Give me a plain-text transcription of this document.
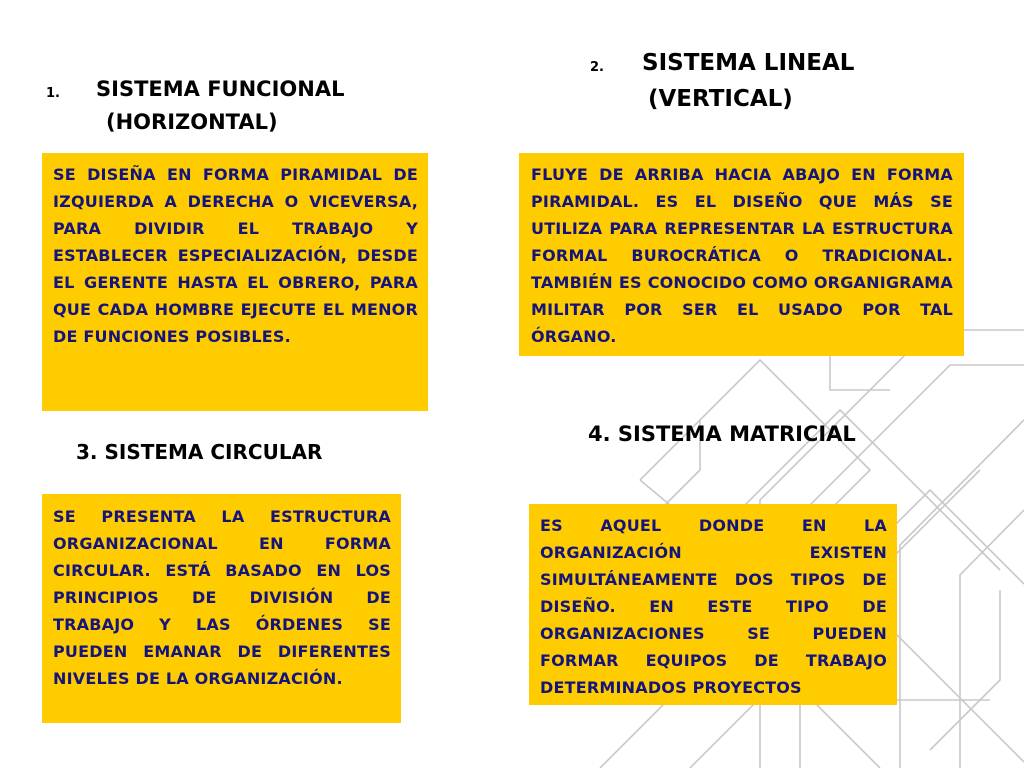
1. SISTEMA FUNCIONAL
(HORIZONTAL)
2. SISTEMA LINEAL
(VERTICAL)
3. SISTEMA CIRCULAR
4. SISTEMA MATRICIAL

SE DISEÑA EN FORMA PIRAMIDAL DE IZQUIERDA A DERECHA O VICEVERSA, PARA DIVIDIR EL TRABAJO Y ESTABLECER ESPECIALIZACIÓN, DESDE EL GERENTE HASTA EL OBRERO, PARA QUE CADA HOMBRE EJECUTE EL MENOR DE FUNCIONES POSIBLES.

FLUYE DE ARRIBA HACIA ABAJO EN FORMA PIRAMIDAL. ES EL DISEÑO QUE MÁS SE UTILIZA PARA REPRESENTAR LA ESTRUCTURA FORMAL BUROCRÁTICA O TRADICIONAL. TAMBIÉN ES CONOCIDO COMO ORGANIGRAMA MILITAR POR SER EL USADO POR TAL ÓRGANO.

SE PRESENTA LA ESTRUCTURA ORGANIZACIONAL EN FORMA CIRCULAR. ESTÁ BASADO EN LOS PRINCIPIOS DE DIVISIÓN DE TRABAJO Y LAS ÓRDENES SE PUEDEN EMANAR DE DIFERENTES NIVELES DE LA ORGANIZACIÓN.

ES AQUEL DONDE EN LA ORGANIZACIÓN EXISTEN SIMULTÁNEAMENTE DOS TIPOS DE DISEÑO. EN ESTE TIPO DE ORGANIZACIONES SE PUEDEN FORMAR EQUIPOS DE TRABAJO DETERMINADOS PROYECTOS
